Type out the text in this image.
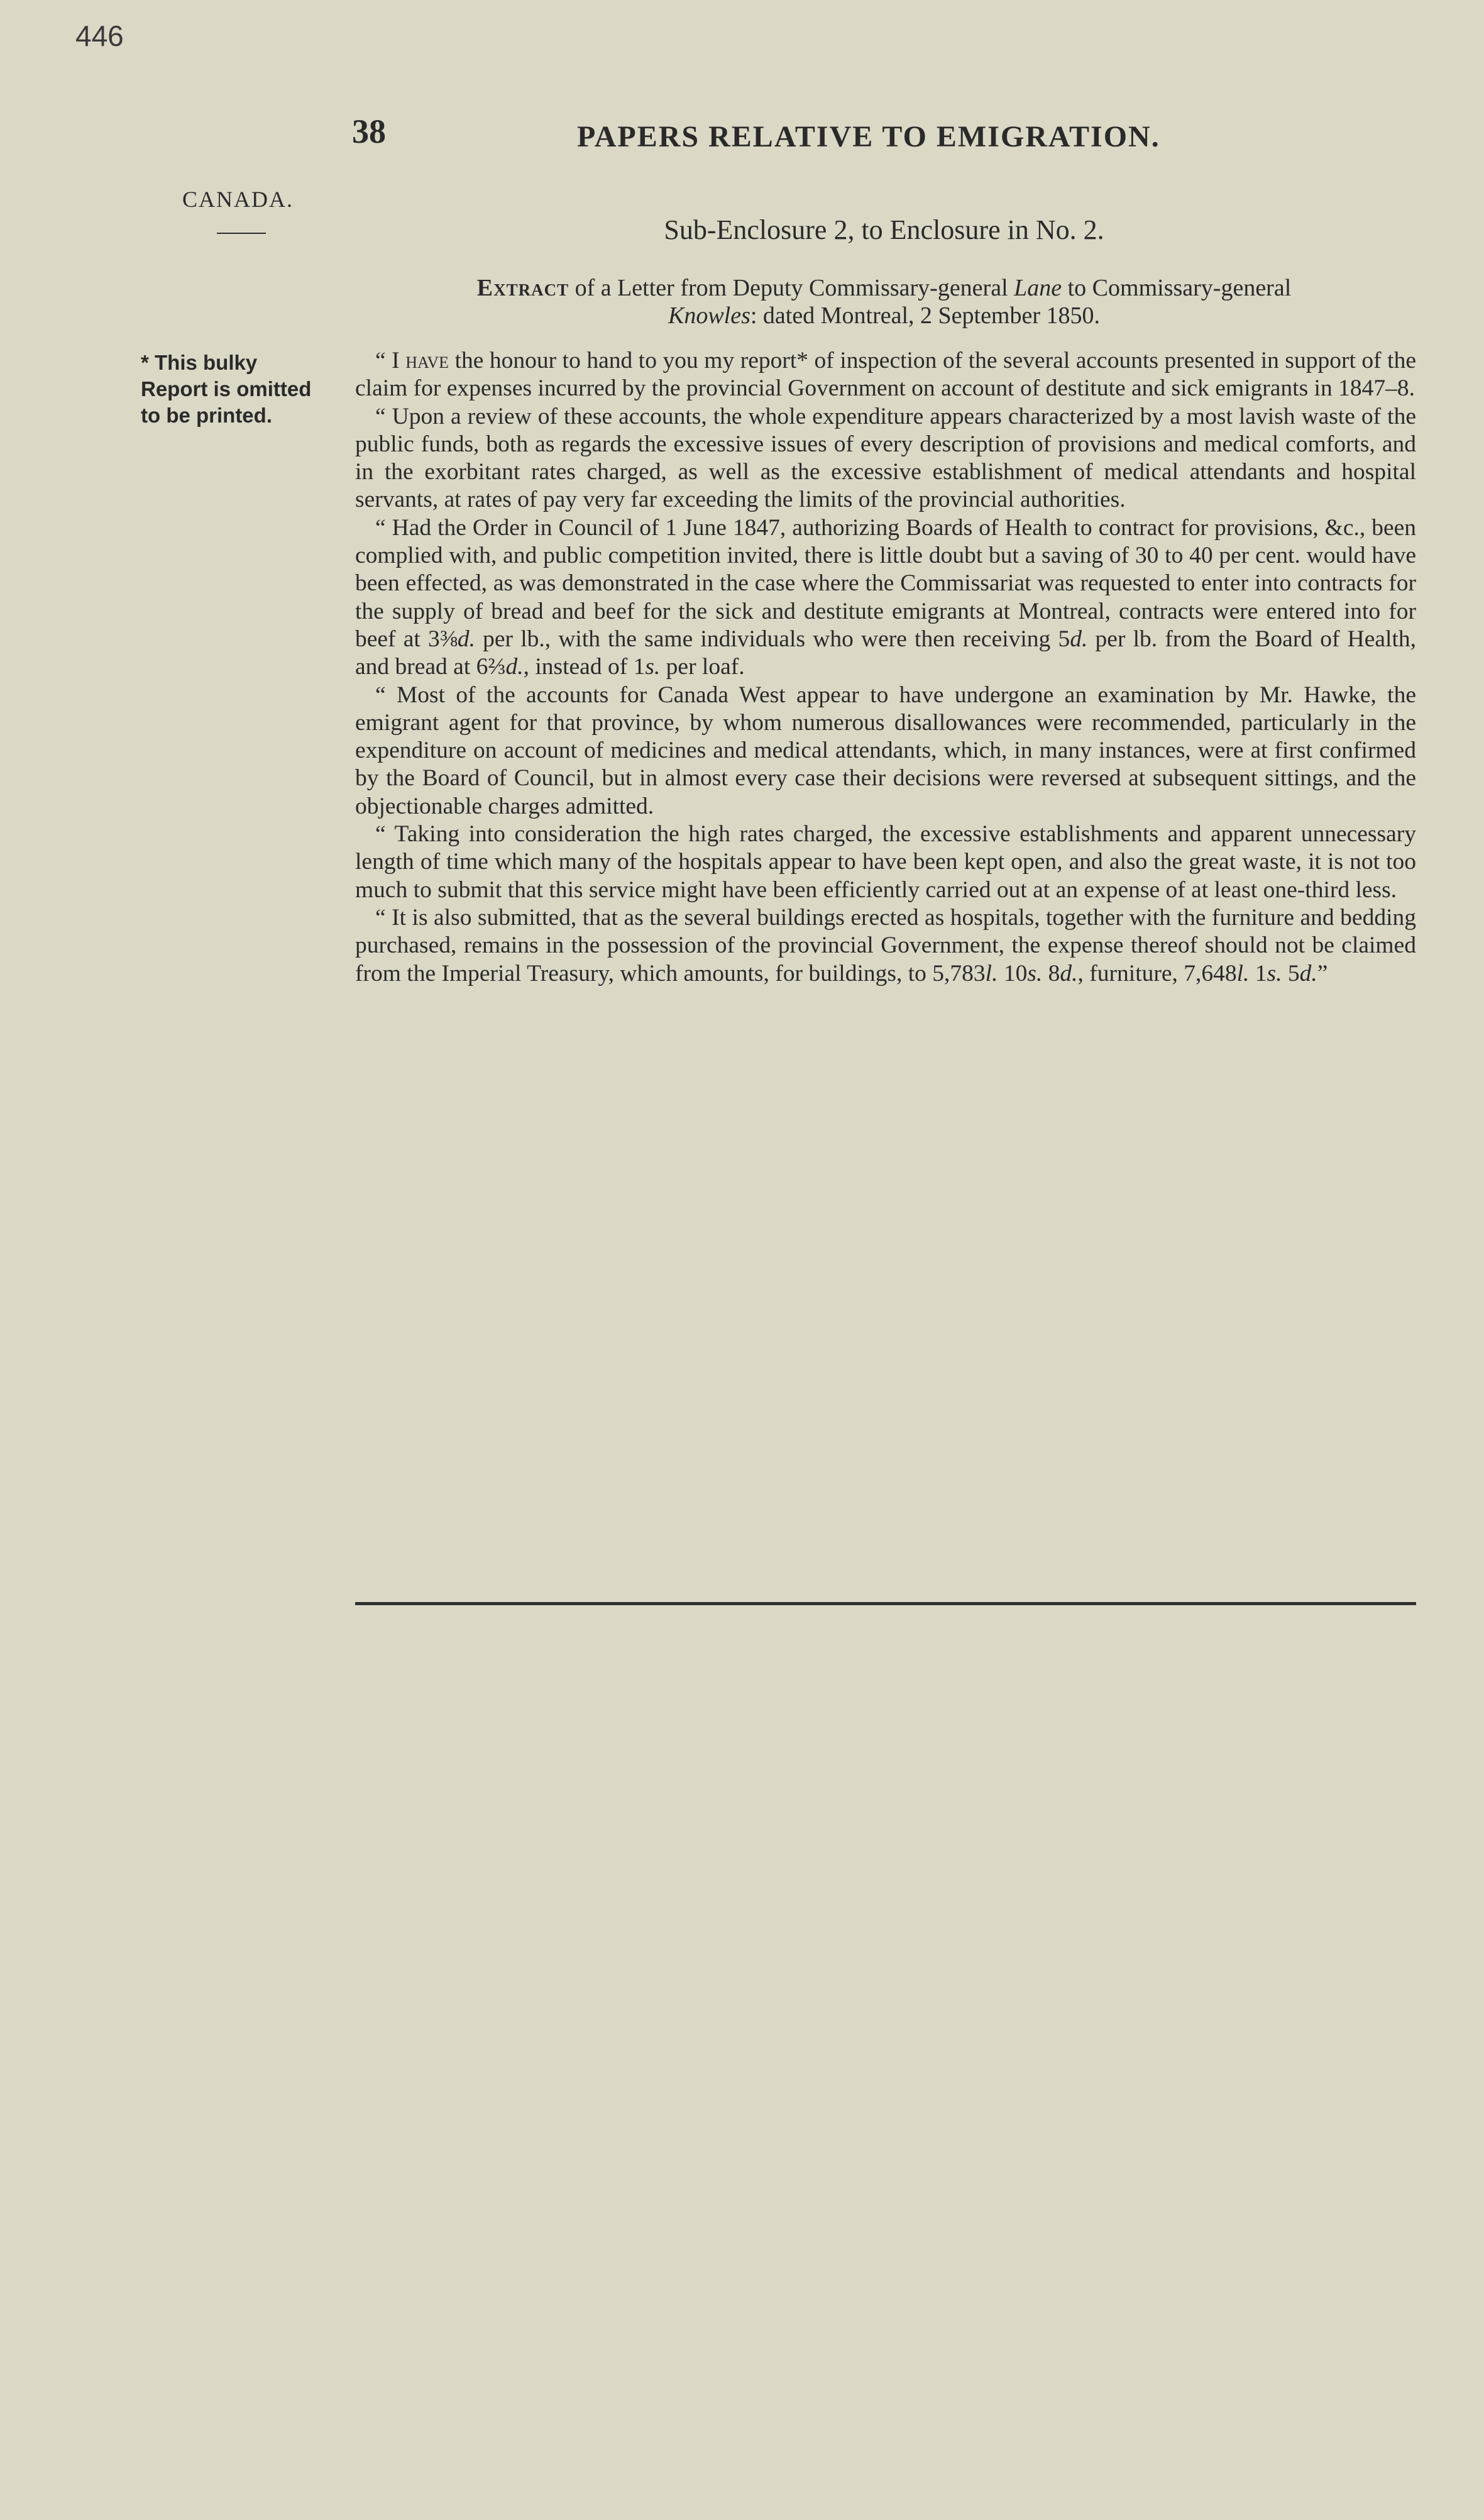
446
38	PAPERS RELATIVE TO EMIGRATION.
CANADA.
Sub-Enclosure 2, to Enclosure in No. 2.
Extract of a Letter from Deputy Commissary-general Lane to Commissary-general
Knowles: dated Montreal, 2 September 1850.
* This bulky Report is omitted to be printed.

“ I have the honour to hand to you my report* of inspection of the several accounts presented in support of the claim for expenses incurred by the provincial Government on account of destitute and sick emigrants in 1847–8.

“ Upon a review of these accounts, the whole expenditure appears characterized by a most lavish waste of the public funds, both as regards the excessive issues of every description of provisions and medical comforts, and in the exorbitant rates charged, as well as the excessive establishment of medical attendants and hospital servants, at rates of pay very far exceeding the limits of the provincial authorities.

“ Had the Order in Council of 1 June 1847, authorizing Boards of Health to contract for provisions, &c., been complied with, and public competition invited, there is little doubt but a saving of 30 to 40 per cent. would have been effected, as was demonstrated in the case where the Commissariat was requested to enter into contracts for the supply of bread and beef for the sick and destitute emigrants at Montreal, contracts were entered into for beef at 3⅜d. per lb., with the same individuals who were then receiving 5d. per lb. from the Board of Health, and bread at 6⅔d., instead of 1s. per loaf.

“ Most of the accounts for Canada West appear to have undergone an examination by Mr. Hawke, the emigrant agent for that province, by whom numerous disallowances were recommended, particularly in the expenditure on account of medicines and medical attendants, which, in many instances, were at first confirmed by the Board of Council, but in almost every case their decisions were reversed at subsequent sittings, and the objectionable charges admitted.

“ Taking into consideration the high rates charged, the excessive establishments and apparent unnecessary length of time which many of the hospitals appear to have been kept open, and also the great waste, it is not too much to submit that this service might have been efficiently carried out at an expense of at least one-third less.

“ It is also submitted, that as the several buildings erected as hospitals, together with the furniture and bedding purchased, remains in the possession of the provincial Government, the expense thereof should not be claimed from the Imperial Treasury, which amounts, for buildings, to 5,783l. 10s. 8d., furniture, 7,648l. 1s. 5d.”
